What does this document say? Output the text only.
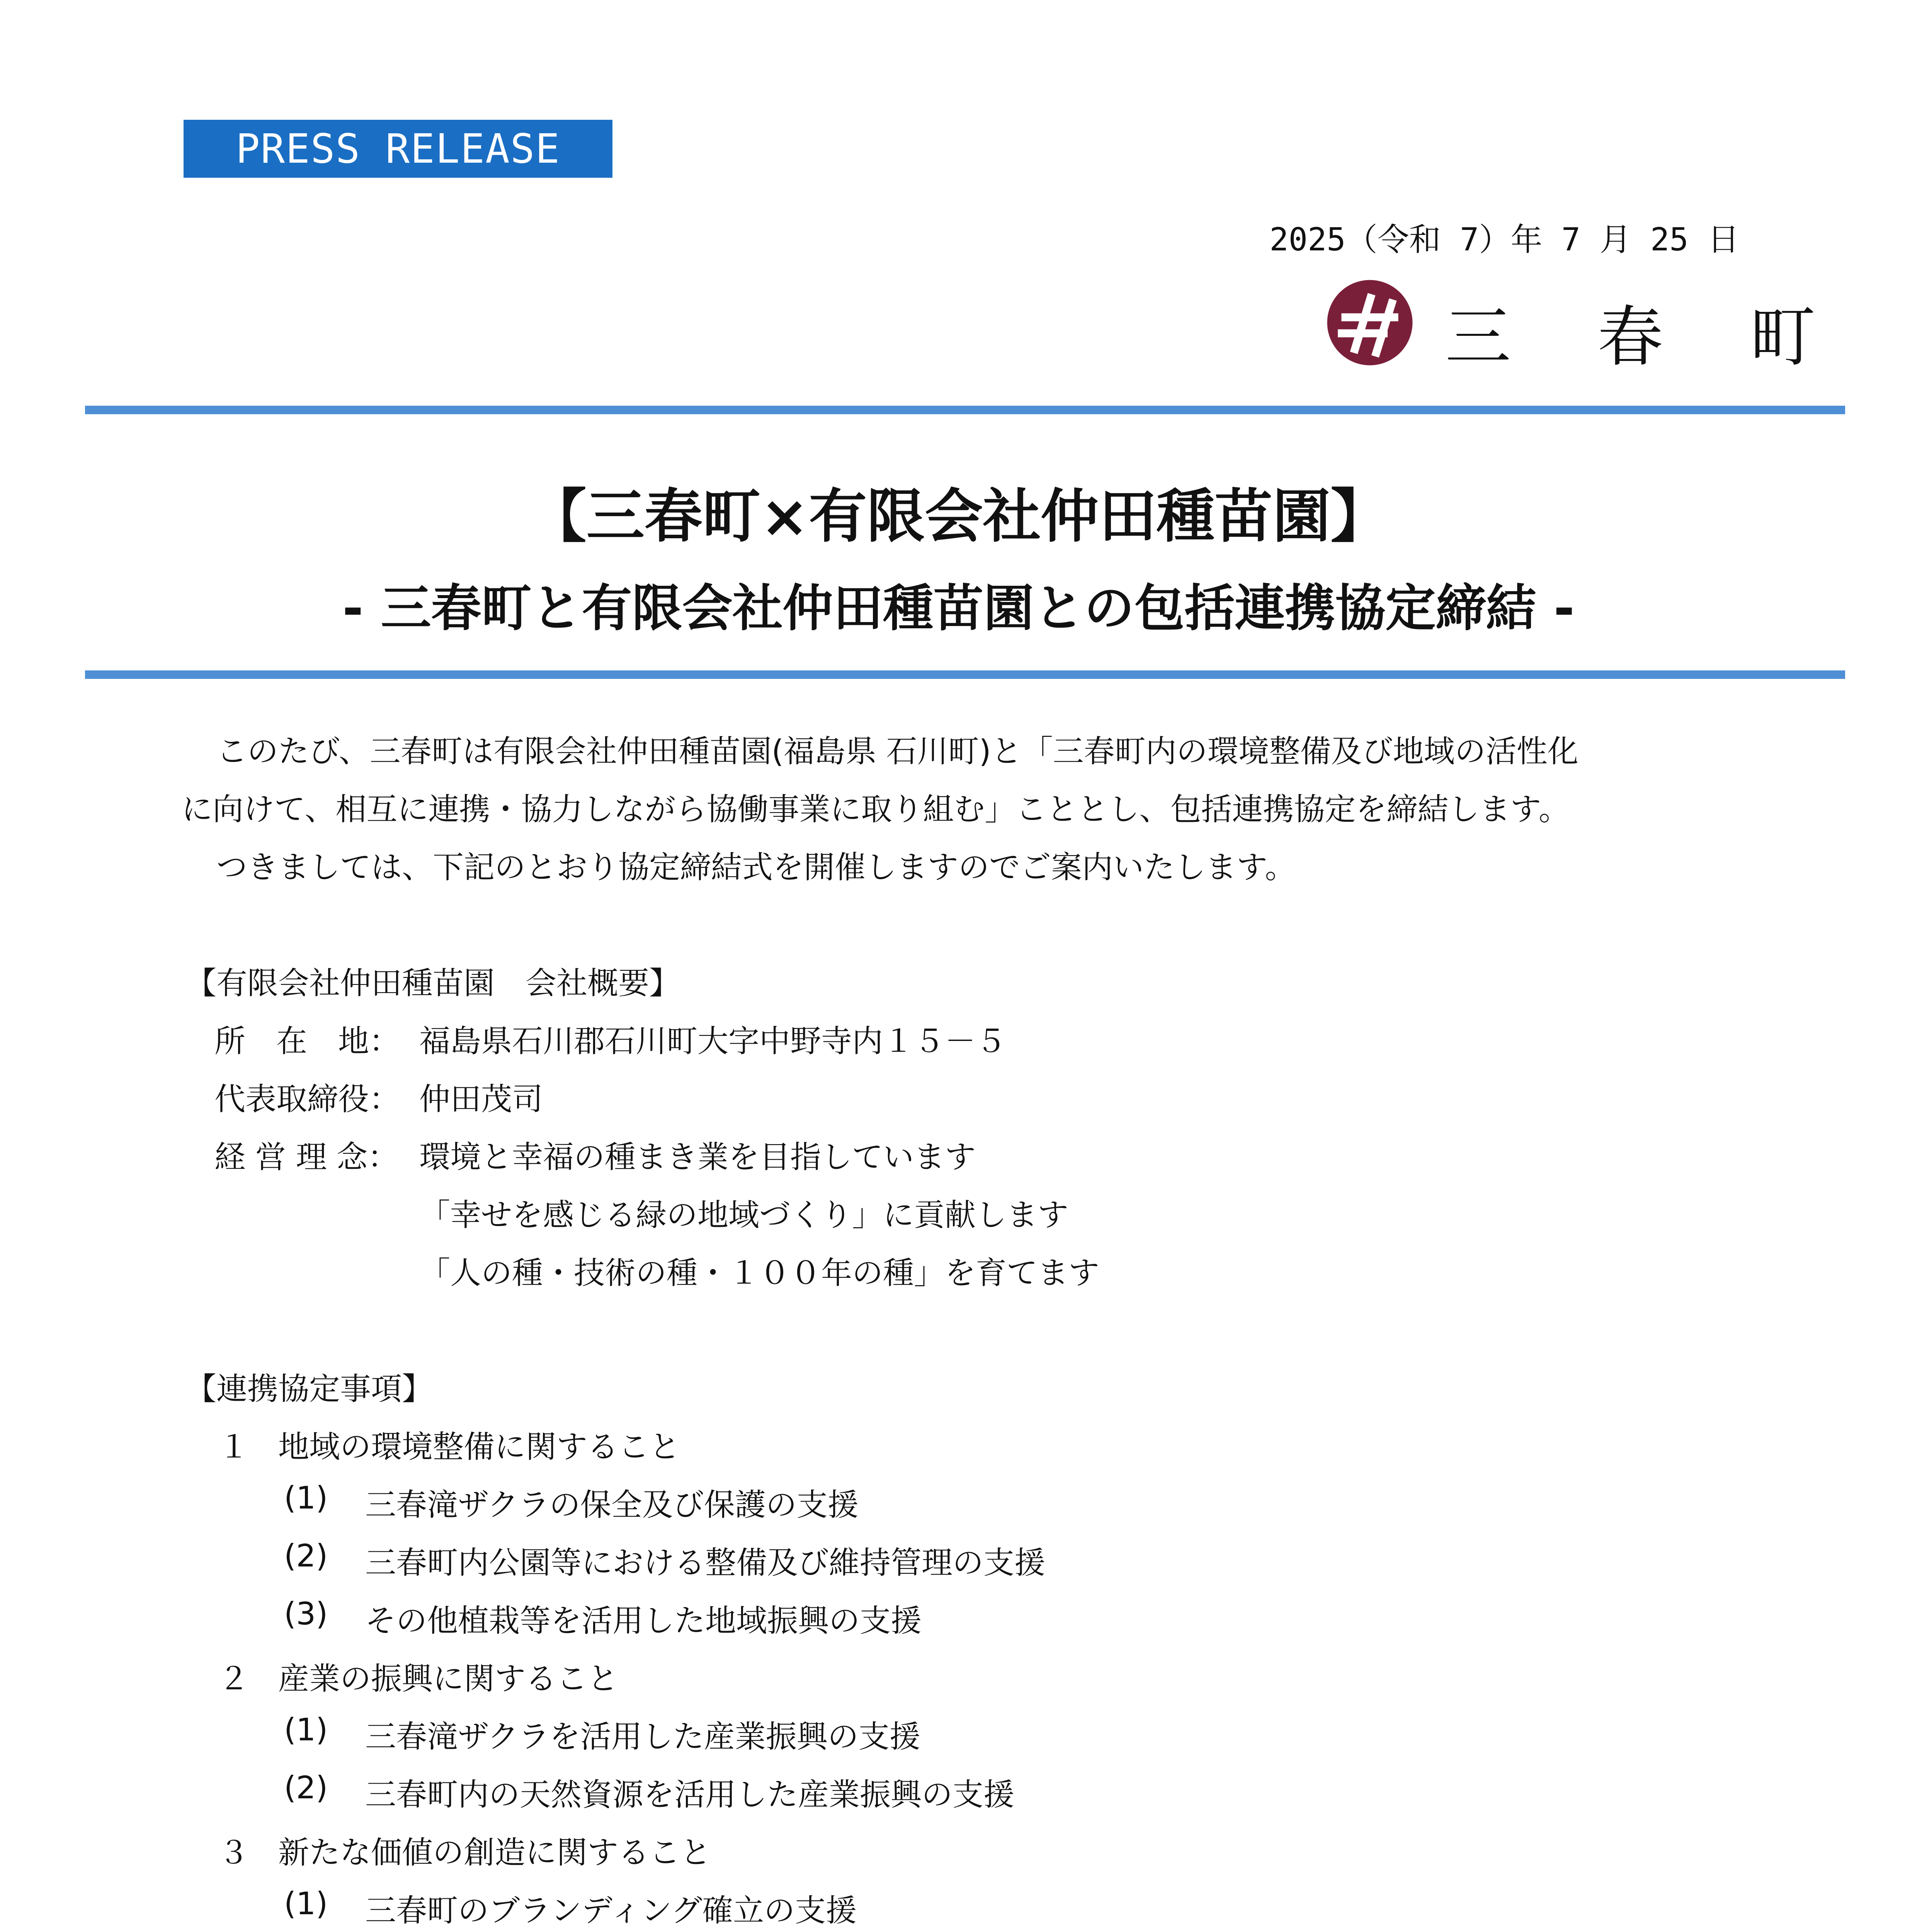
PRESS RELEASE
2025（令和 7）年 7 月 25 日
三 春 町
【三春町×有限会社仲田種苗園】
- 三春町と有限会社仲田種苗園との包括連携協定締結 -
このたび、三春町は有限会社仲田種苗園(福島県 石川町)と「三春町内の環境整備及び地域の活性化
に向けて、相互に連携・協力しながら協働事業に取り組む」こととし、包括連携協定を締結します。
つきましては、下記のとおり協定締結式を開催しますのでご案内いたします。
【有限会社仲田種苗園　会社概要】
所　在　地： 福島県石川郡石川町大字中野寺内１５－５
代表取締役： 仲田茂司
経 営 理 念： 環境と幸福の種まき業を目指しています
「幸せを感じる緑の地域づくり」に貢献します
「人の種・技術の種・１００年の種」を育てます
【連携協定事項】
１ 地域の環境整備に関すること
(1) 三春滝ザクラの保全及び保護の支援
(2) 三春町内公園等における整備及び維持管理の支援
(3) その他植栽等を活用した地域振興の支援
２ 産業の振興に関すること
(1) 三春滝ザクラを活用した産業振興の支援
(2) 三春町内の天然資源を活用した産業振興の支援
３ 新たな価値の創造に関すること
(1) 三春町のブランディング確立の支援
